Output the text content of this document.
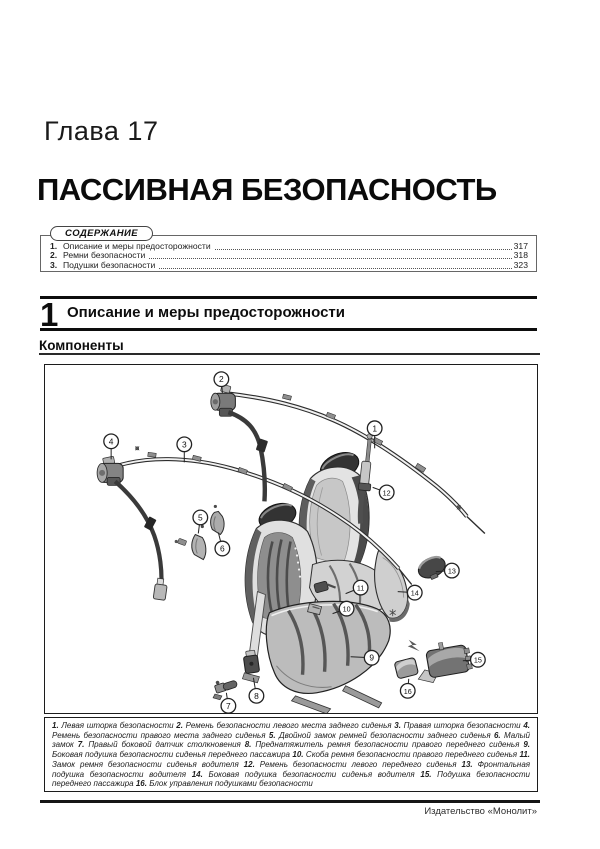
Глава 17
ПАССИВНАЯ БЕЗОПАСНОСТЬ
СОДЕРЖАНИЕ
1. Описание и меры предосторожности	317
2. Ремни безопасности	318
3. Подушки безопасности	323
1 Описание и меры предосторожности
Компоненты
1
2
3
4
5
6
7
8
9
10
11
12
13
14
15
16
1. Левая шторка безопасности 2. Ремень безопасности левого места заднего сиденья 3. Правая шторка безопасности 4. Ремень безопасности правого места заднего сиденья 5. Двойной замок ремней безопасности заднего сиденья 6. Малый замок 7. Правый боковой датчик столкновения 8. Преднатяжитель ремня безопасности правого переднего сиденья 9. Боковая подушка безопасности сиденья переднего пассажира 10. Скоба ремня безопасности правого переднего сиденья 11. Замок ремня безопасности сиденья водителя 12. Ремень безопасности левого переднего сиденья 13. Фронтальная подушка безопасности водителя 14. Боковая подушка безопасности сиденья водителя 15. Подушка безопасности переднего пассажира 16. Блок управления подушками безопасности
Издательство «Монолит»
